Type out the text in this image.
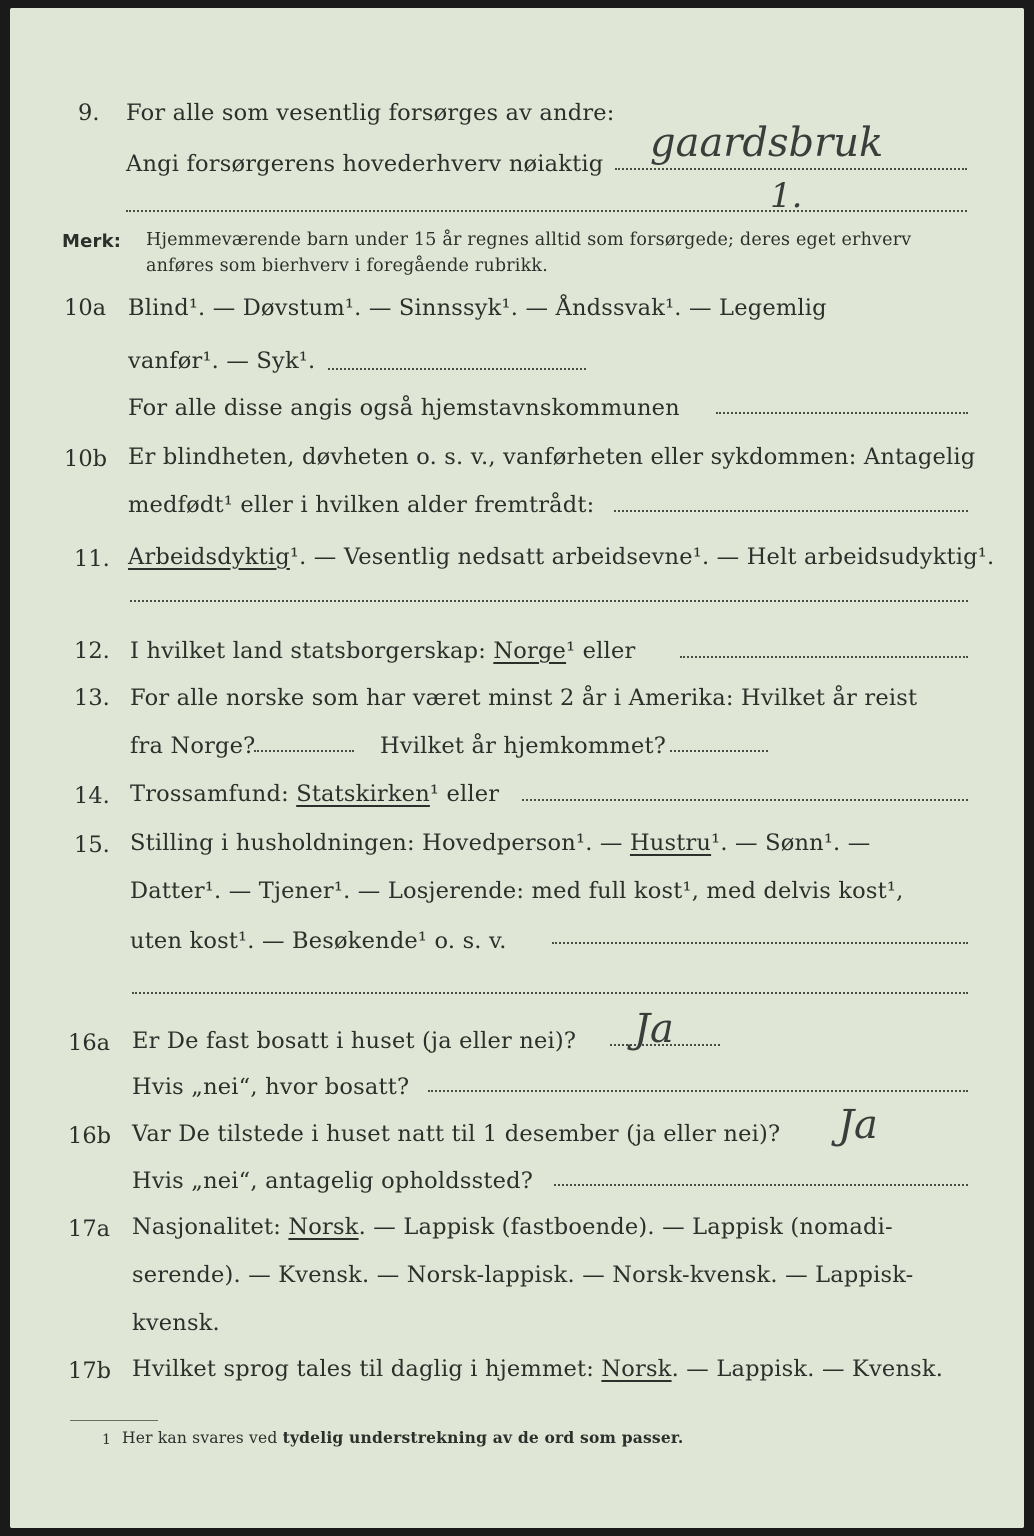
9. For alle som vesentlig forsørges av andre:
Angi forsørgerens hovederhverv nøiaktig gaardsbruk
1.
Merk: Hjemmeværende barn under 15 år regnes alltid som forsørgede; deres eget erhverv
anføres som bierhverv i foregående rubrikk.
10a Blind¹. — Døvstum¹. — Sinnssyk¹. — Åndssvak¹. — Legemlig
vanfør¹. — Syk¹.
For alle disse angis også hjemstavnskommunen
10b Er blindheten, døvheten o. s. v., vanførheten eller sykdommen: Antagelig
medfødt¹ eller i hvilken alder fremtrådt:
11. Arbeidsdyktig¹. — Vesentlig nedsatt arbeidsevne¹. — Helt arbeidsudyktig¹.
12. I hvilket land statsborgerskap: Norge¹ eller
13. For alle norske som har været minst 2 år i Amerika: Hvilket år reist
fra Norge?	Hvilket år hjemkommet?
14. Trossamfund: Statskirken¹ eller
15. Stilling i husholdningen: Hovedperson¹. — Hustru¹. — Sønn¹. —
Datter¹. — Tjener¹. — Losjerende: med full kost¹, med delvis kost¹,
uten kost¹. — Besøkende¹ o. s. v.
16a Er De fast bosatt i huset (ja eller nei)? Ja
Hvis „nei“, hvor bosatt?
16b Var De tilstede i huset natt til 1 desember (ja eller nei)? Ja
Hvis „nei“, antagelig opholdssted?
17a Nasjonalitet: Norsk. — Lappisk (fastboende). — Lappisk (nomadi-
serende). — Kvensk. — Norsk-lappisk. — Norsk-kvensk. — Lappisk-
kvensk.
17b Hvilket sprog tales til daglig i hjemmet: Norsk. — Lappisk. — Kvensk.
1 Her kan svares ved tydelig understrekning av de ord som passer.
